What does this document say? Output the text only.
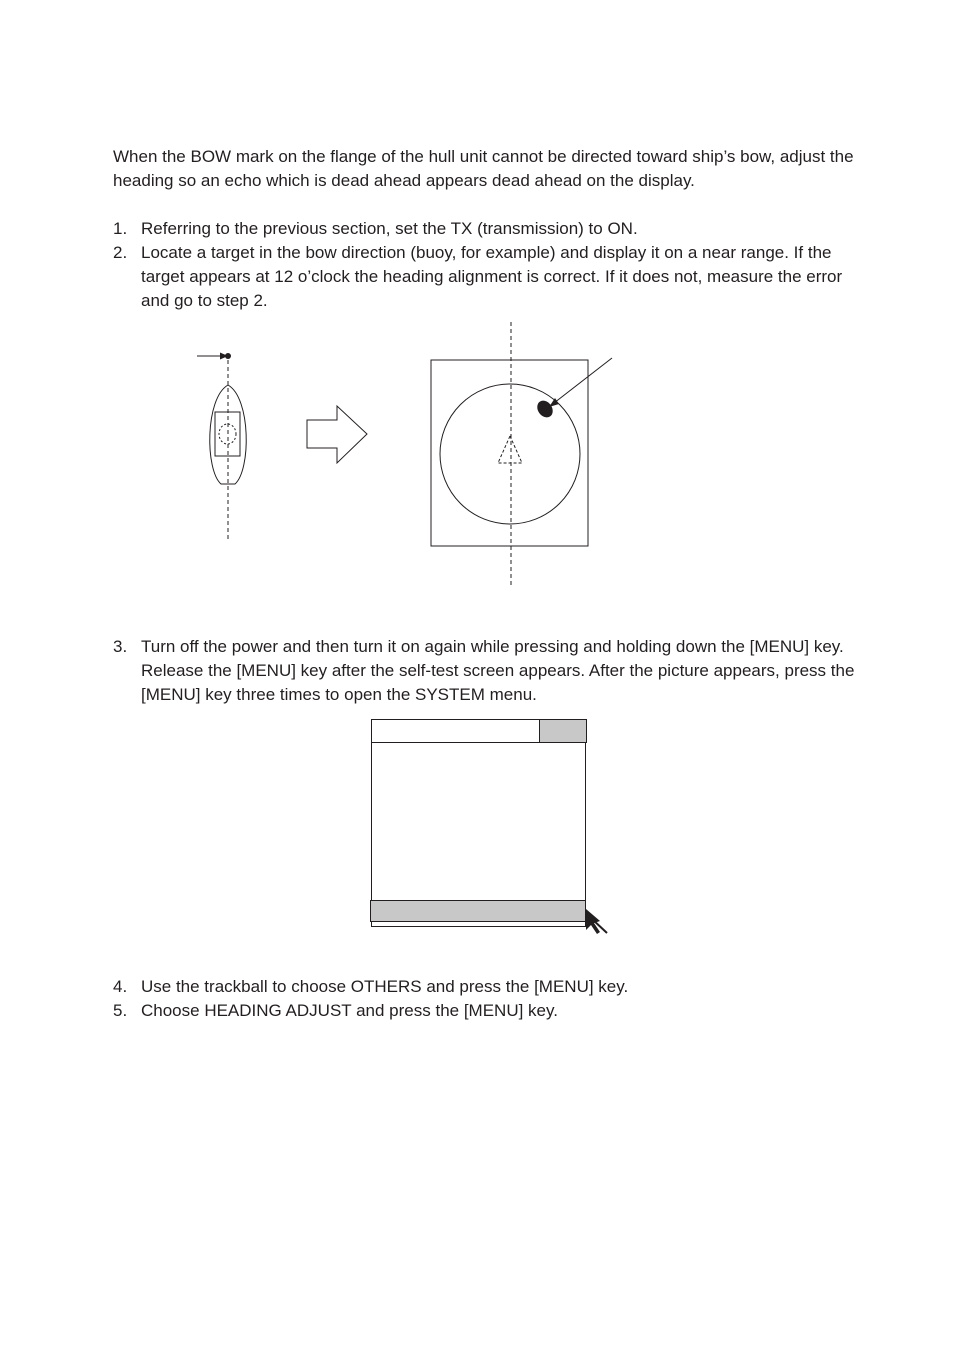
When the BOW mark on the flange of the hull unit cannot be directed toward ship’s bow, adjust the heading so an echo which is dead ahead appears dead ahead on the display.

1. Referring to the previous section, set the TX (transmission) to ON.
2. Locate a target in the bow direction (buoy, for example) and display it on a near range. If the target appears at 12 o’clock the heading alignment is correct. If it does not, measure the error and go to step 2.
3. Turn off the power and then turn it on again while pressing and holding down the [MENU] key. Release the [MENU] key after the self-test screen appears. After the picture appears, press the [MENU] key three times to open the SYSTEM menu.
4. Use the trackball to choose OTHERS and press the [MENU] key.
5. Choose HEADING ADJUST and press the [MENU] key.
